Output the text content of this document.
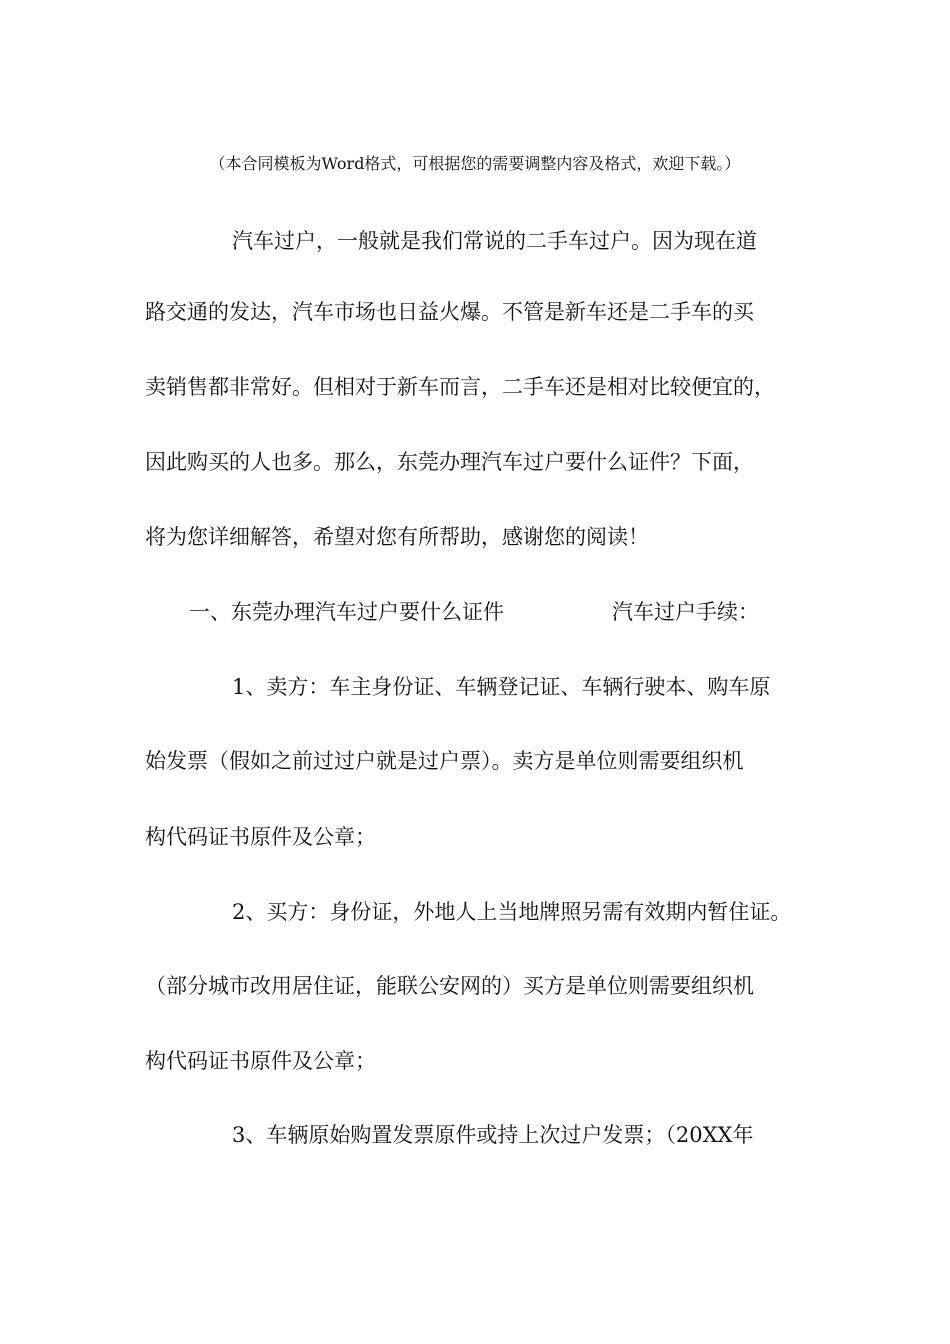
（本合同模板为Word格式，可根据您的需要调整内容及格式，欢迎下载。）
汽车过户，一般就是我们常说的二手车过户。因为现在道
路交通的发达，汽车市场也日益火爆。不管是新车还是二手车的买
卖销售都非常好。但相对于新车而言，二手车还是相对比较便宜的，
因此购买的人也多。那么，东莞办理汽车过户要什么证件？下面，
将为您详细解答，希望对您有所帮助，感谢您的阅读！
一、东莞办理汽车过户要什么证件	汽车过户手续：
1、卖方：车主身份证、车辆登记证、车辆行驶本、购车原
始发票（假如之前过过户就是过户票）。卖方是单位则需要组织机
构代码证书原件及公章；
2、买方：身份证，外地人上当地牌照另需有效期内暂住证。
（部分城市改用居住证，能联公安网的）买方是单位则需要组织机
构代码证书原件及公章；
3、车辆原始购置发票原件或持上次过户发票；（20XX年
